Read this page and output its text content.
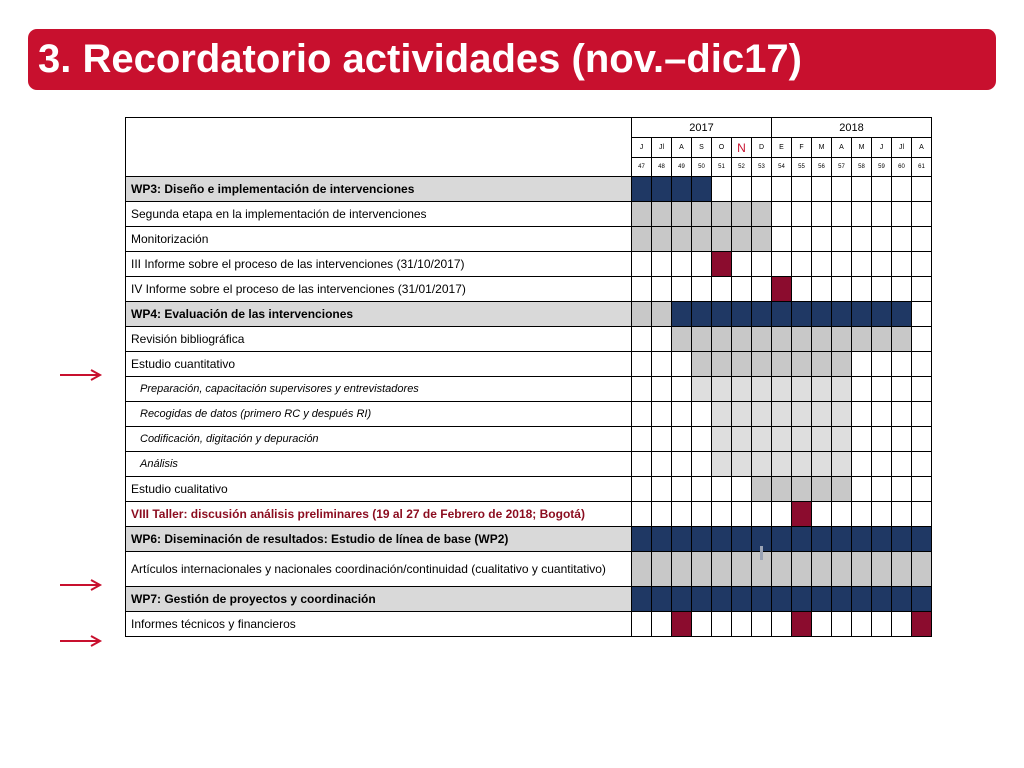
3. Recordatorio actividades (nov.–dic17)
	2017							2018							
	J	Jl	A	S	O	N	D	E	F	M	A	M	J	Jl	A
	47	48	49	50	51	52	53	54	55	56	57	58	59	60	61
WP3: Diseño e implementación de intervenciones															
Segunda etapa en la implementación de intervenciones															
Monitorización															
III Informe sobre el proceso de las intervenciones (31/10/2017)															
IV Informe sobre el proceso de las intervenciones (31/01/2017)															
WP4: Evaluación de las intervenciones															
Revisión bibliográfica															
Estudio cuantitativo															
Preparación, capacitación supervisores y entrevistadores															
Recogidas de datos (primero RC y después RI)															
Codificación, digitación y depuración															
Análisis															
Estudio cualitativo															
VIII Taller: discusión análisis preliminares (19 al 27 de Febrero de 2018; Bogotá)															
WP6: Diseminación de resultados: Estudio de línea de base (WP2)															
Artículos internacionales y nacionales coordinación/continuidad (cualitativo y cuantitativo)															
WP7: Gestión de proyectos y coordinación															
Informes técnicos y financieros															
